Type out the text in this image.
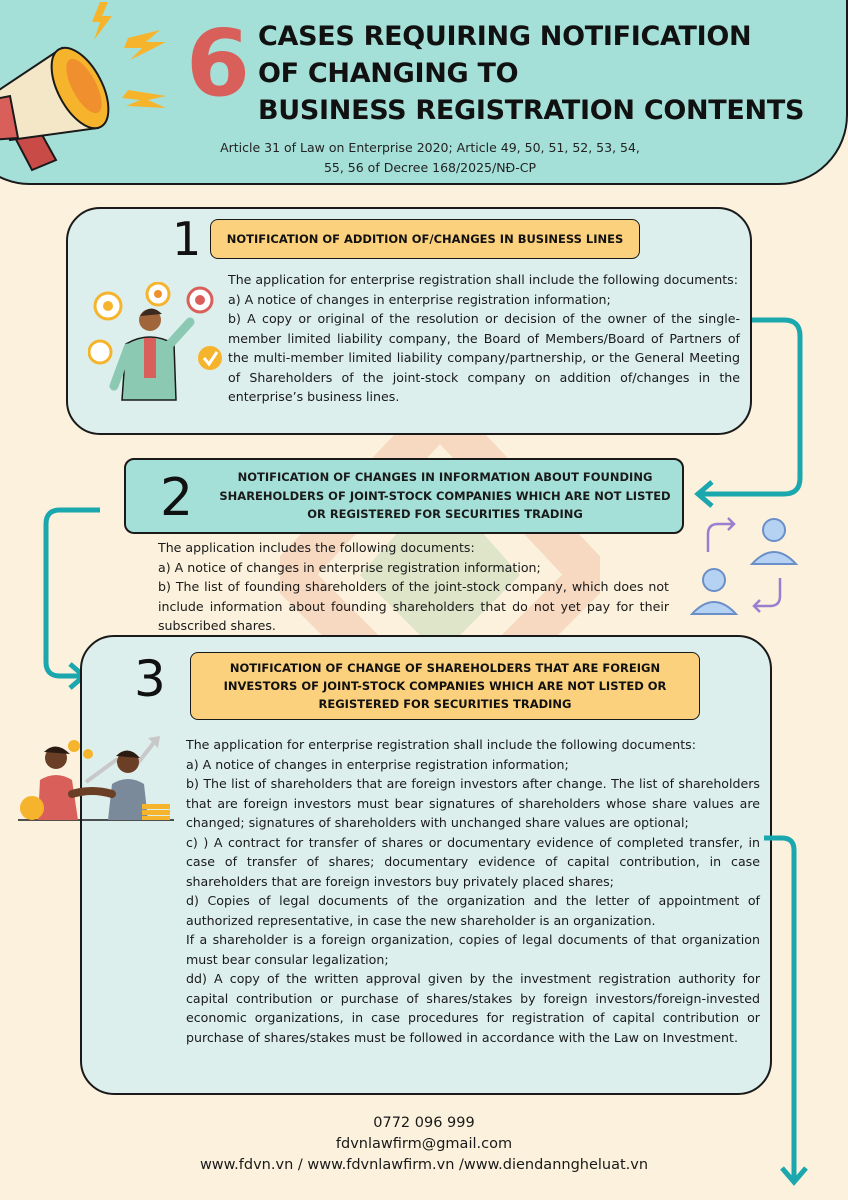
6 CASES REQUIRING NOTIFICATION
OF CHANGING TO
BUSINESS REGISTRATION CONTENTS
Article 31 of Law on Enterprise 2020; Article 49, 50, 51, 52, 53, 54,
55, 56 of Decree 168/2025/NĐ-CP
1 NOTIFICATION OF ADDITION OF/CHANGES IN BUSINESS LINES
The application for enterprise registration shall include the following documents:
a) A notice of changes in enterprise registration information;
b) A copy or original of the resolution or decision of the owner of the single-member limited liability company, the Board of Members/Board of Partners of the multi-member limited liability company/partnership, or the General Meeting of Shareholders of the joint-stock company on addition of/changes in the enterprise’s business lines.
NOTIFICATION OF CHANGES IN INFORMATION ABOUT FOUNDING
SHAREHOLDERS OF JOINT-STOCK COMPANIES WHICH ARE NOT LISTED
OR REGISTERED FOR SECURITIES TRADING
2
The application includes the following documents:
a) A notice of changes in enterprise registration information;
b) The list of founding shareholders of the joint-stock company, which does not include information about founding shareholders that do not yet pay for their subscribed shares.
3	NOTIFICATION OF CHANGE OF SHAREHOLDERS THAT ARE FOREIGN
INVESTORS OF JOINT-STOCK COMPANIES WHICH ARE NOT LISTED OR
REGISTERED FOR SECURITIES TRADING
The application for enterprise registration shall include the following documents:
a) A notice of changes in enterprise registration information;
b) The list of shareholders that are foreign investors after change. The list of shareholders that are foreign investors must bear signatures of shareholders whose share values are changed; signatures of shareholders with unchanged share values are optional;
c) ) A contract for transfer of shares or documentary evidence of completed transfer, in case of transfer of shares; documentary evidence of capital contribution, in case shareholders that are foreign investors buy privately placed shares;
d) Copies of legal documents of the organization and the letter of appointment of authorized representative, in case the new shareholder is an organization.
If a shareholder is a foreign organization, copies of legal documents of that organization must bear consular legalization;
dd) A copy of the written approval given by the investment registration authority for capital contribution or purchase of shares/stakes by foreign investors/foreign-invested economic organizations, in case procedures for registration of capital contribution or purchase of shares/stakes must be followed in accordance with the Law on Investment.
0772 096 999
fdvnlawfirm@gmail.com
www.fdvn.vn / www.fdvnlawfirm.vn /www.diendanngheluat.vn
